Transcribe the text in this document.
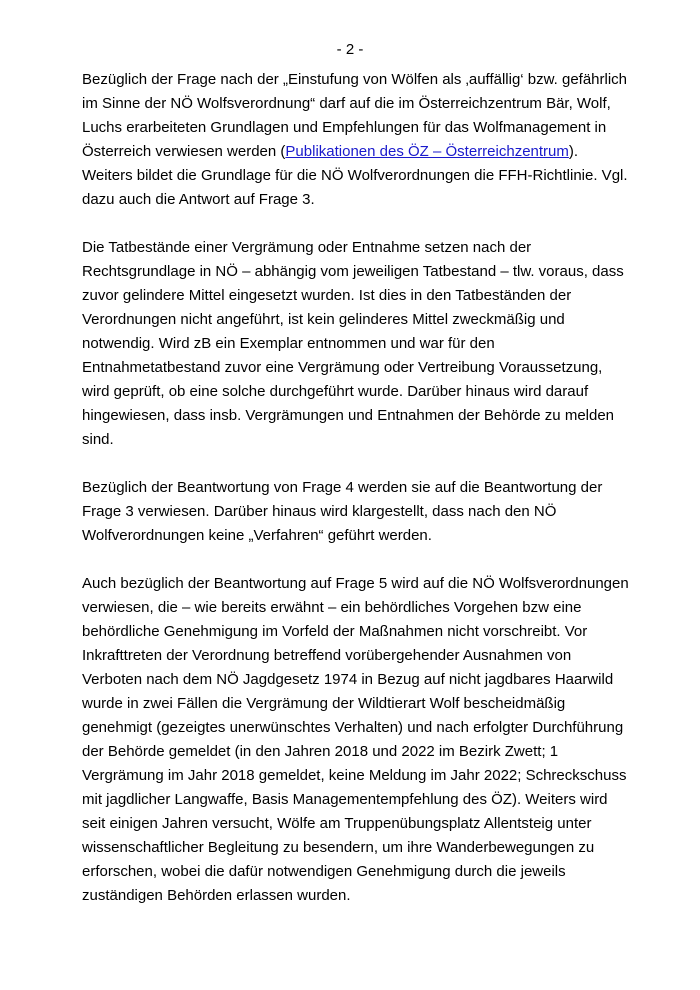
- 2 -

Bezüglich der Frage nach der „Einstufung von Wölfen als ‚auffällig‘ bzw. gefährlich im Sinne der NÖ Wolfsverordnung“ darf auf die im Österreichzentrum Bär, Wolf, Luchs erarbeiteten Grundlagen und Empfehlungen für das Wolfmanagement in Österreich verwiesen werden (Publikationen des ÖZ – Österreichzentrum). Weiters bildet die Grundlage für die NÖ Wolfverordnungen die FFH-Richtlinie. Vgl. dazu auch die Antwort auf Frage 3.

Die Tatbestände einer Vergrämung oder Entnahme setzen nach der Rechtsgrundlage in NÖ – abhängig vom jeweiligen Tatbestand – tlw. voraus, dass zuvor gelindere Mittel eingesetzt wurden. Ist dies in den Tatbeständen der Verordnungen nicht angeführt, ist kein gelinderes Mittel zweckmäßig und notwendig. Wird zB ein Exemplar entnommen und war für den Entnahmetatbestand zuvor eine Vergrämung oder Vertreibung Voraussetzung, wird geprüft, ob eine solche durchgeführt wurde. Darüber hinaus wird darauf hingewiesen, dass insb. Vergrämungen und Entnahmen der Behörde zu melden sind.

Bezüglich der Beantwortung von Frage 4 werden sie auf die Beantwortung der Frage 3 verwiesen. Darüber hinaus wird klargestellt, dass nach den NÖ Wolfverordnungen keine „Verfahren“ geführt werden.

Auch bezüglich der Beantwortung auf Frage 5 wird auf die NÖ Wolfsverordnungen verwiesen, die – wie bereits erwähnt – ein behördliches Vorgehen bzw eine behördliche Genehmigung im Vorfeld der Maßnahmen nicht vorschreibt. Vor Inkrafttreten der Verordnung betreffend vorübergehender Ausnahmen von Verboten nach dem NÖ Jagdgesetz 1974 in Bezug auf nicht jagdbares Haarwild wurde in zwei Fällen die Vergrämung der Wildtierart Wolf bescheidmäßig genehmigt (gezeigtes unerwünschtes Verhalten) und nach erfolgter Durchführung der Behörde gemeldet (in den Jahren 2018 und 2022 im Bezirk Zwett; 1 Vergrämung im Jahr 2018 gemeldet, keine Meldung im Jahr 2022; Schreckschuss mit jagdlicher Langwaffe, Basis Managementempfehlung des ÖZ). Weiters wird seit einigen Jahren versucht, Wölfe am Truppenübungsplatz Allentsteig unter wissenschaftlicher Begleitung zu besendern, um ihre Wanderbewegungen zu erforschen, wobei die dafür notwendigen Genehmigung durch die jeweils zuständigen Behörden erlassen wurden.
